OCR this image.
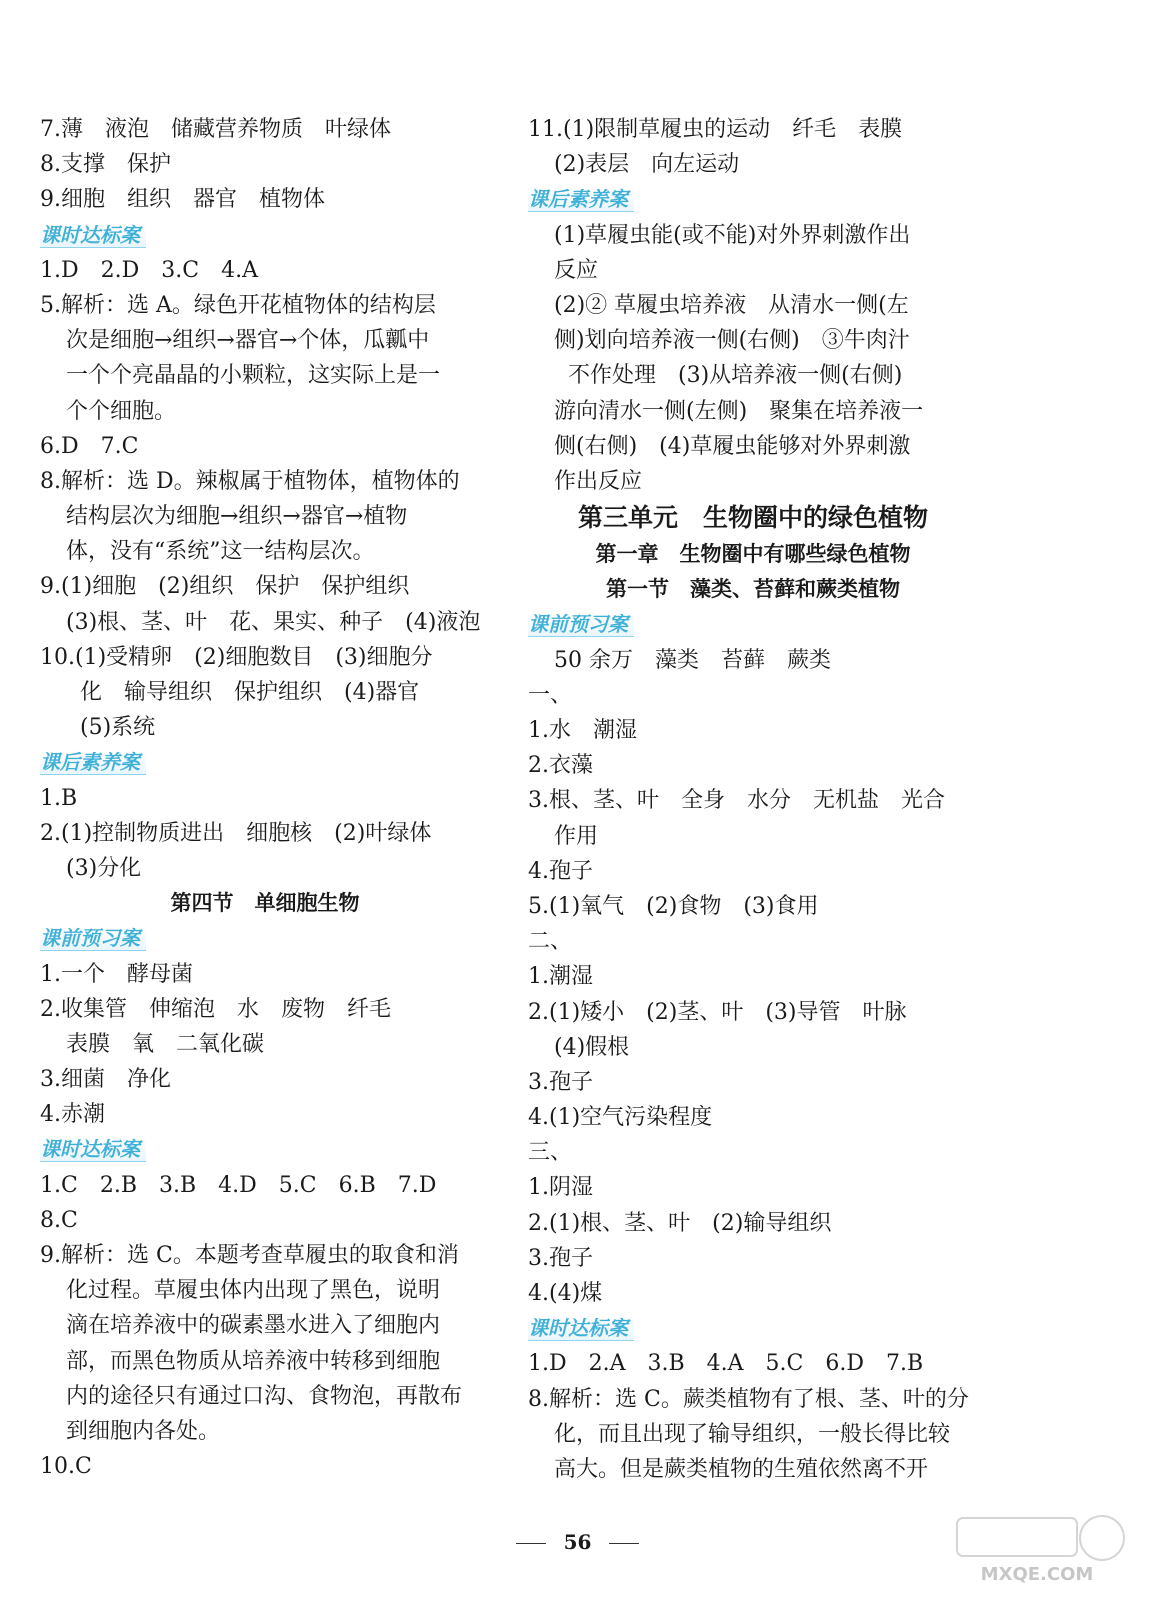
7.薄　液泡　储藏营养物质　叶绿体
8.支撑　保护
9.细胞　组织　器官　植物体
课时达标案
1.D　2.D　3.C　4.A
5.解析：选 A。绿色开花植物体的结构层
次是细胞→组织→器官→个体，瓜瓤中
一个个亮晶晶的小颗粒，这实际上是一
个个细胞。
6.D　7.C
8.解析：选 D。辣椒属于植物体，植物体的
结构层次为细胞→组织→器官→植物
体，没有“系统”这一结构层次。
9.(1)细胞　(2)组织　保护　保护组织
(3)根、茎、叶　花、果实、种子　(4)液泡
10.(1)受精卵　(2)细胞数目　(3)细胞分
化　输导组织　保护组织　(4)器官
(5)系统
课后素养案
1.B
2.(1)控制物质进出　细胞核　(2)叶绿体
(3)分化
第四节　单细胞生物
课前预习案
1.一个　酵母菌
2.收集管　伸缩泡　水　废物　纤毛
表膜　氧　二氧化碳
3.细菌　净化
4.赤潮
课时达标案
1.C　2.B　3.B　4.D　5.C　6.B　7.D
8.C
9.解析：选 C。本题考查草履虫的取食和消
化过程。草履虫体内出现了黑色，说明
滴在培养液中的碳素墨水进入了细胞内
部，而黑色物质从培养液中转移到细胞
内的途径只有通过口沟、食物泡，再散布
到细胞内各处。
10.C
11.(1)限制草履虫的运动　纤毛　表膜
(2)表层　向左运动
课后素养案
(1)草履虫能(或不能)对外界刺激作出
反应
(2)② 草履虫培养液　从清水一侧(左
侧)划向培养液一侧(右侧)　③牛肉汁
不作处理　(3)从培养液一侧(右侧)
游向清水一侧(左侧)　聚集在培养液一
侧(右侧)　(4)草履虫能够对外界刺激
作出反应
第三单元　生物圈中的绿色植物
第一章　生物圈中有哪些绿色植物
第一节　藻类、苔藓和蕨类植物
课前预习案
50 余万　藻类　苔藓　蕨类
一、
1.水　潮湿
2.衣藻
3.根、茎、叶　全身　水分　无机盐　光合
作用
4.孢子
5.(1)氧气　(2)食物　(3)食用
二、
1.潮湿
2.(1)矮小　(2)茎、叶　(3)导管　叶脉
(4)假根
3.孢子
4.(1)空气污染程度
三、
1.阴湿
2.(1)根、茎、叶　(2)输导组织
3.孢子
4.(4)煤
课时达标案
1.D　2.A　3.B　4.A　5.C　6.D　7.B
8.解析：选 C。蕨类植物有了根、茎、叶的分
化，而且出现了输导组织，一般长得比较
高大。但是蕨类植物的生殖依然离不开
56
MXQE.COM
